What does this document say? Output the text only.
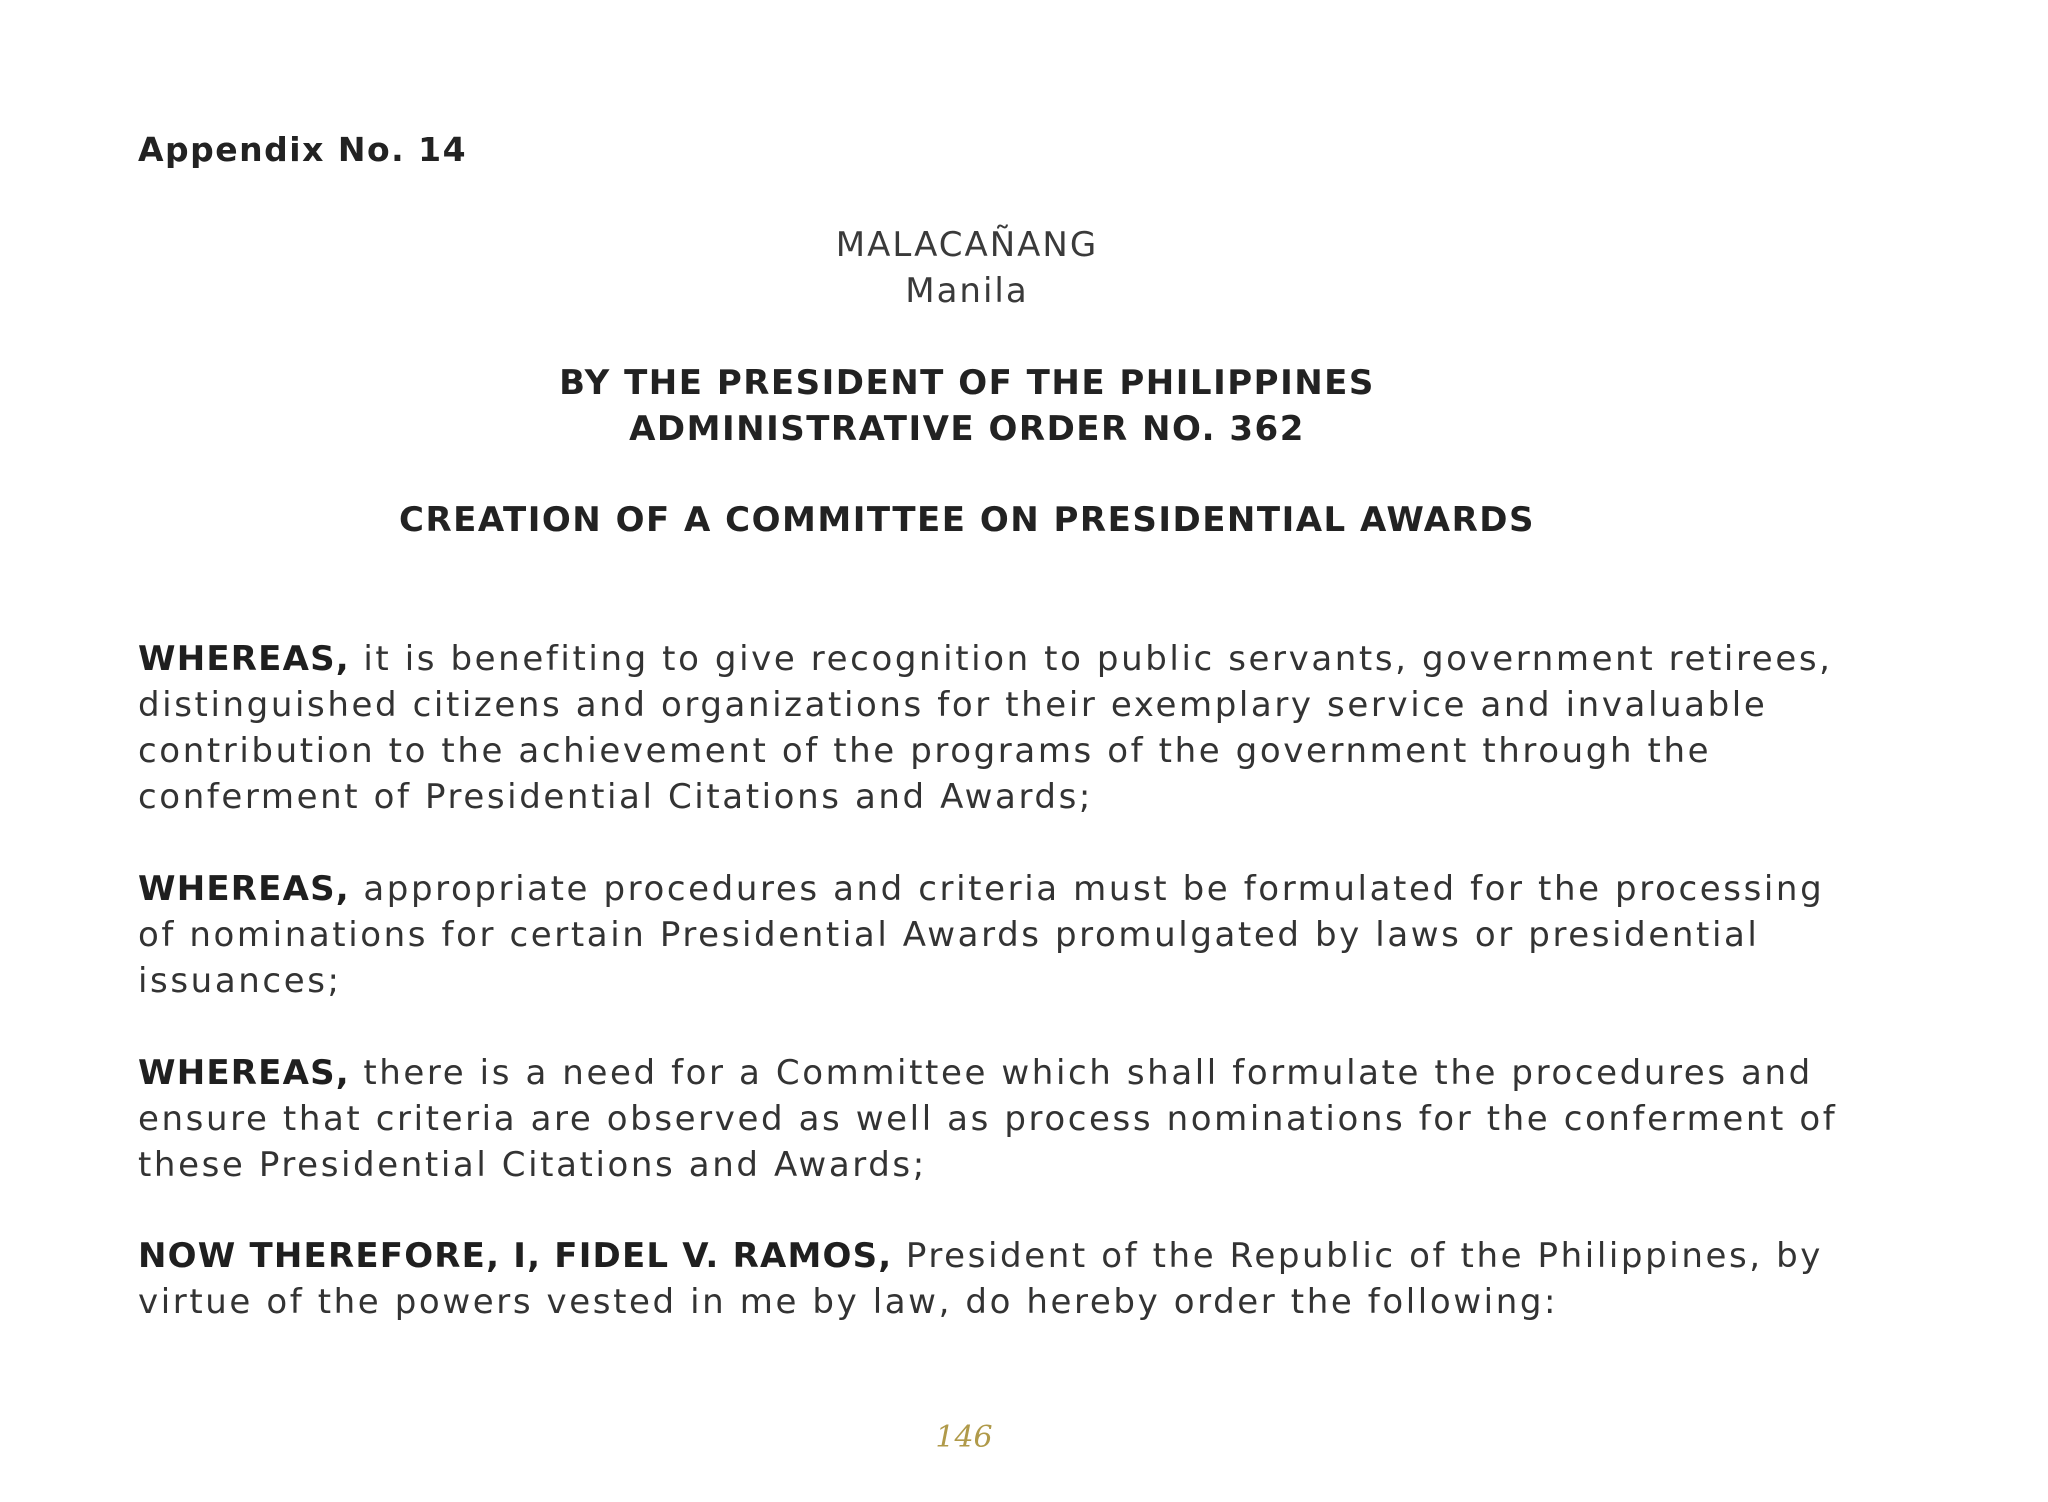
Appendix No. 14
MALACAÑANG
Manila
BY THE PRESIDENT OF THE PHILIPPINES
ADMINISTRATIVE ORDER NO. 362
CREATION OF A COMMITTEE ON PRESIDENTIAL AWARDS

WHEREAS, it is benefiting to give recognition to public servants, government retirees,
distinguished citizens and organizations for their exemplary service and invaluable
contribution to the achievement of the programs of the government through the
conferment of Presidential Citations and Awards;

WHEREAS, appropriate procedures and criteria must be formulated for the processing
of nominations for certain Presidential Awards promulgated by laws or presidential
issuances;

WHEREAS, there is a need for a Committee which shall formulate the procedures and
ensure that criteria are observed as well as process nominations for the conferment of
these Presidential Citations and Awards;

NOW THEREFORE, I, FIDEL V. RAMOS, President of the Republic of the Philippines, by
virtue of the powers vested in me by law, do hereby order the following:

146
